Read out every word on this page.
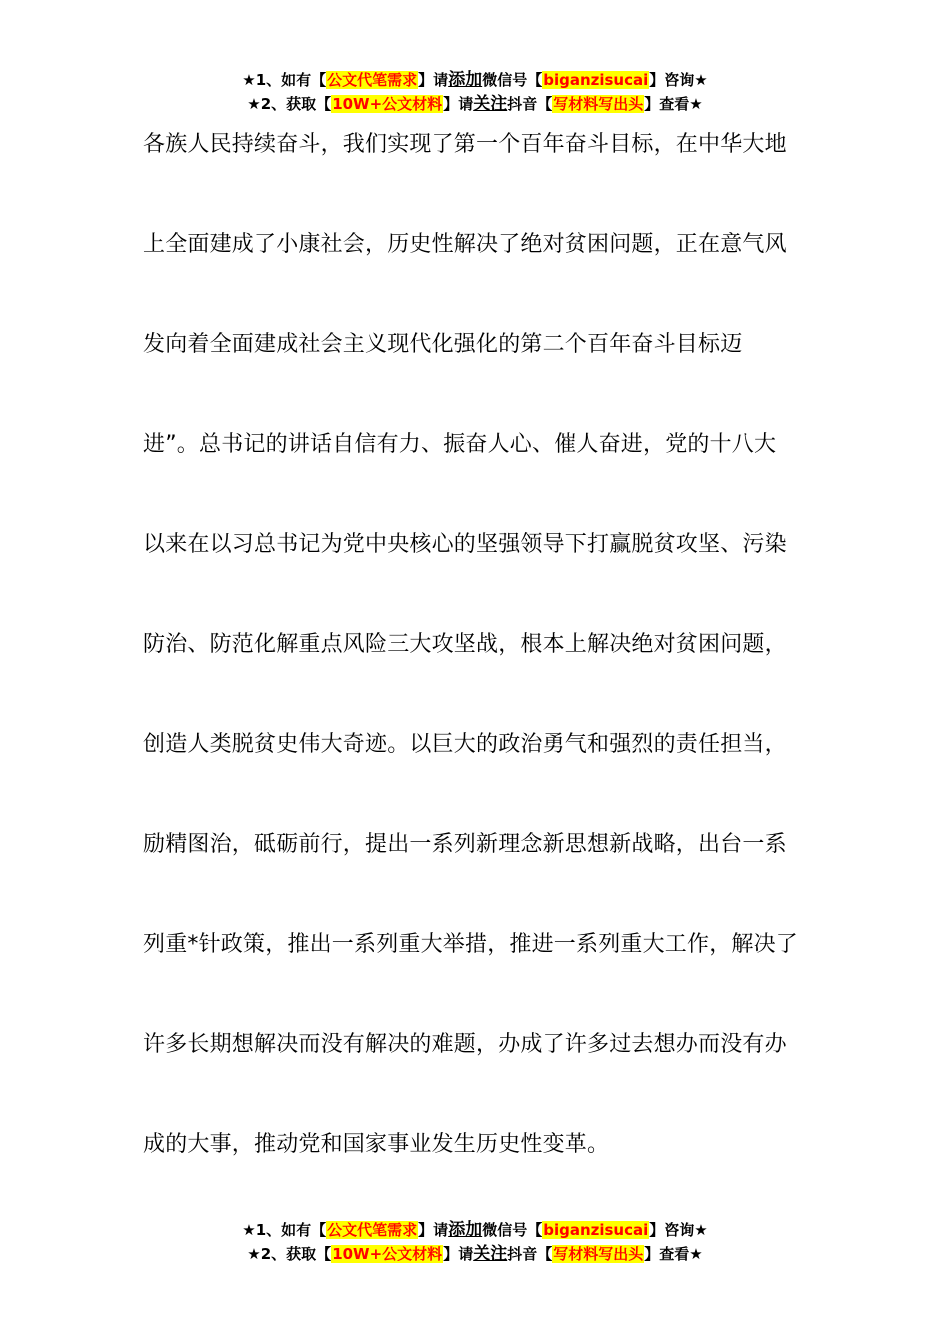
★1、如有【公文代笔需求】请添加微信号【biganzisucai】咨询★
★2、获取【10W+公文材料】请关注抖音【写材料写出头】查看★
各族人民持续奋斗，我们实现了第一个百年奋斗目标，在中华大地
上全面建成了小康社会，历史性解决了绝对贫困问题，正在意气风
发向着全面建成社会主义现代化强化的第二个百年奋斗目标迈
进”。总书记的讲话自信有力、振奋人心、催人奋进，党的十八大
以来在以习总书记为党中央核心的坚强领导下打赢脱贫攻坚、污染
防治、防范化解重点风险三大攻坚战，根本上解决绝对贫困问题，
创造人类脱贫史伟大奇迹。以巨大的政治勇气和强烈的责任担当，
励精图治，砥砺前行，提出一系列新理念新思想新战略，出台一系
列重*针政策，推出一系列重大举措，推进一系列重大工作，解决了
许多长期想解决而没有解决的难题，办成了许多过去想办而没有办
成的大事，推动党和国家事业发生历史性变革。
★1、如有【公文代笔需求】请添加微信号【biganzisucai】咨询★
★2、获取【10W+公文材料】请关注抖音【写材料写出头】查看★
